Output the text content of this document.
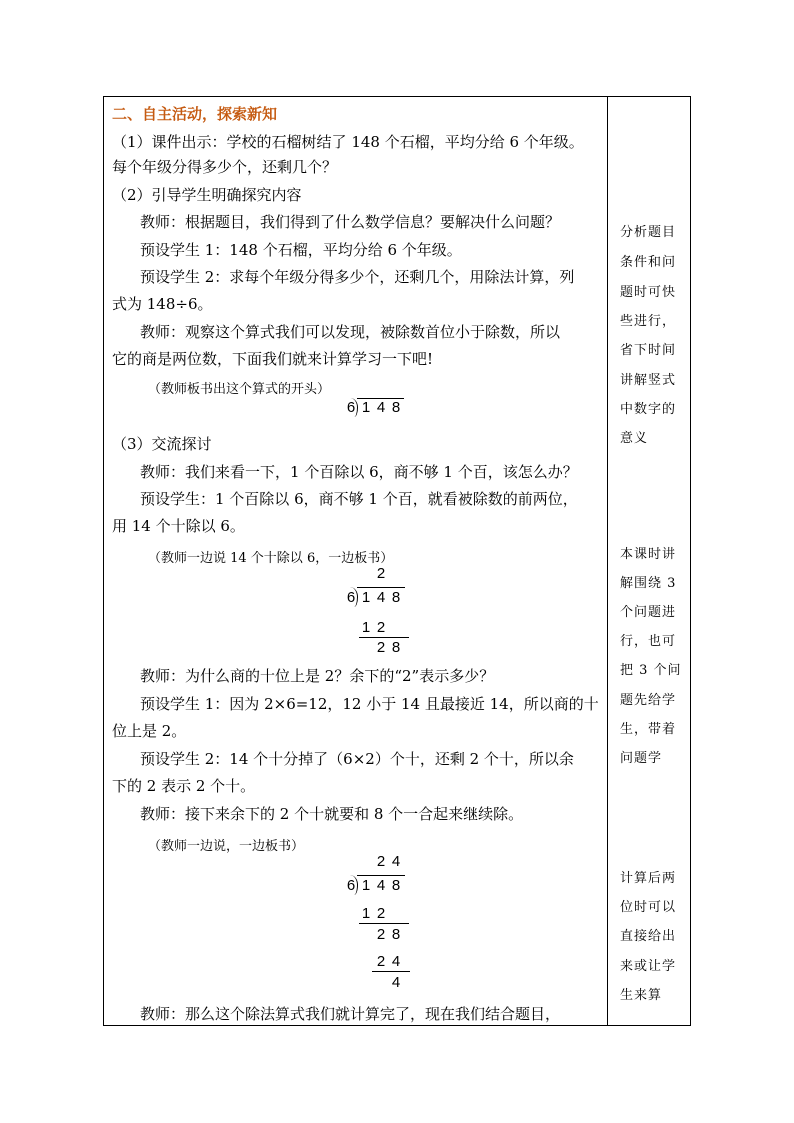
二、自主活动，探索新知
（1）课件出示：学校的石榴树结了 148 个石榴，平均分给 6 个年级。
每个年级分得多少个，还剩几个？
（2）引导学生明确探究内容
教师：根据题目，我们得到了什么数学信息？要解决什么问题？
预设学生 1：148 个石榴，平均分给 6 个年级。
预设学生 2：求每个年级分得多少个，还剩几个，用除法计算，列
式为 148÷6。
教师：观察这个算式我们可以发现，被除数首位小于除数，所以
它的商是两位数，下面我们就来计算学习一下吧!
（教师板书出这个算式的开头）
6 1 4 8
（3）交流探讨
教师：我们来看一下，1 个百除以 6，商不够 1 个百，该怎么办？
预设学生：1 个百除以 6，商不够 1 个百，就看被除数的前两位，
用 14 个十除以 6。
（教师一边说 14 个十除以 6，一边板书）
2
6 1 4 8
1 2
2 8
教师：为什么商的十位上是 2？余下的“2”表示多少？
预设学生 1：因为 2×6=12，12 小于 14 且最接近 14，所以商的十
位上是 2。
预设学生 2：14 个十分掉了（6×2）个十，还剩 2 个十，所以余
下的 2 表示 2 个十。
教师：接下来余下的 2 个十就要和 8 个一合起来继续除。
（教师一边说，一边板书）
2 4
6 1 4 8
1 2
2 8
2 4
4
教师：那么这个除法算式我们就计算完了，现在我们结合题目，
分析题目
条件和问
题时可快
些进行，
省下时间
讲解竖式
中数字的
意义
本课时讲
解围绕 3
个问题进
行，也可
把 3 个问
题先给学
生，带着
问题学
计算后两
位时可以
直接给出
来或让学
生来算
